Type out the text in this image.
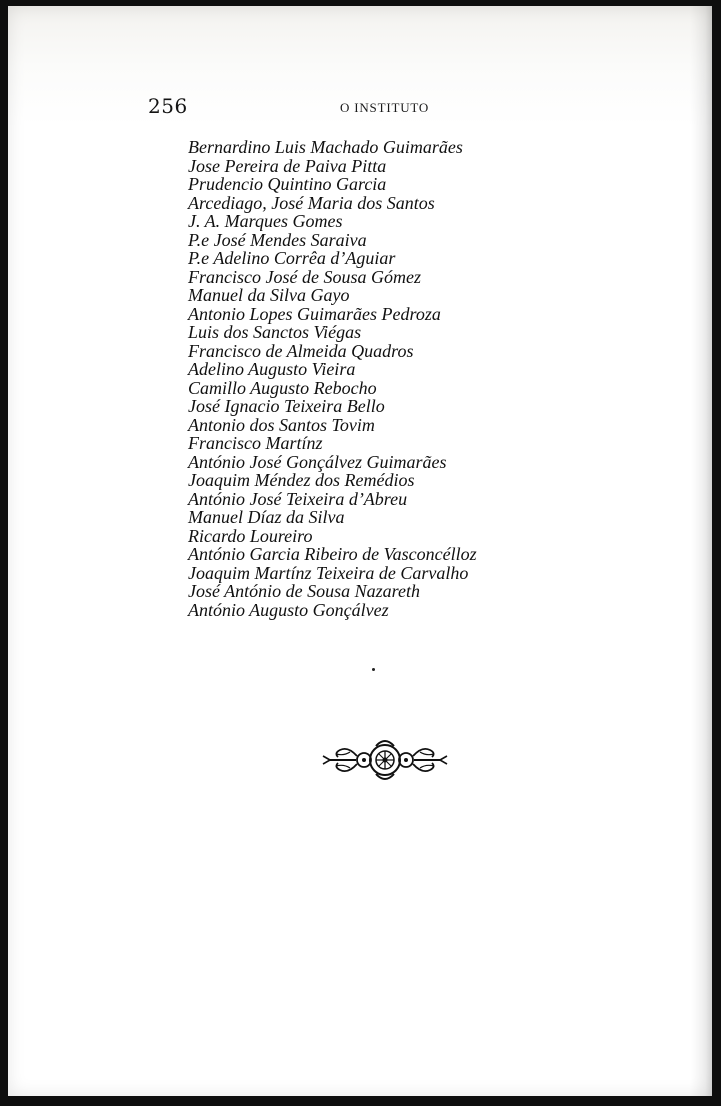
256	O INSTITUTO
Bernardino Luis Machado Guimarães
Jose Pereira de Paiva Pitta
Prudencio Quintino Garcia
Arcediago, José Maria dos Santos
J. A. Marques Gomes
P.e José Mendes Saraiva
P.e Adelino Corrêa d’Aguiar
Francisco José de Sousa Gómez
Manuel da Silva Gayo
Antonio Lopes Guimarães Pedroza
Luis dos Sanctos Viégas
Francisco de Almeida Quadros
Adelino Augusto Vieira
Camillo Augusto Rebocho
José Ignacio Teixeira Bello
Antonio dos Santos Tovim
Francisco Martínz
António José Gonçálvez Guimarães
Joaquim Méndez dos Remédios
António José Teixeira d’Abreu
Manuel Díaz da Silva
Ricardo Loureiro
António Garcia Ribeiro de Vasconcélloz
Joaquim Martínz Teixeira de Carvalho
José António de Sousa Nazareth
António Augusto Gonçálvez
